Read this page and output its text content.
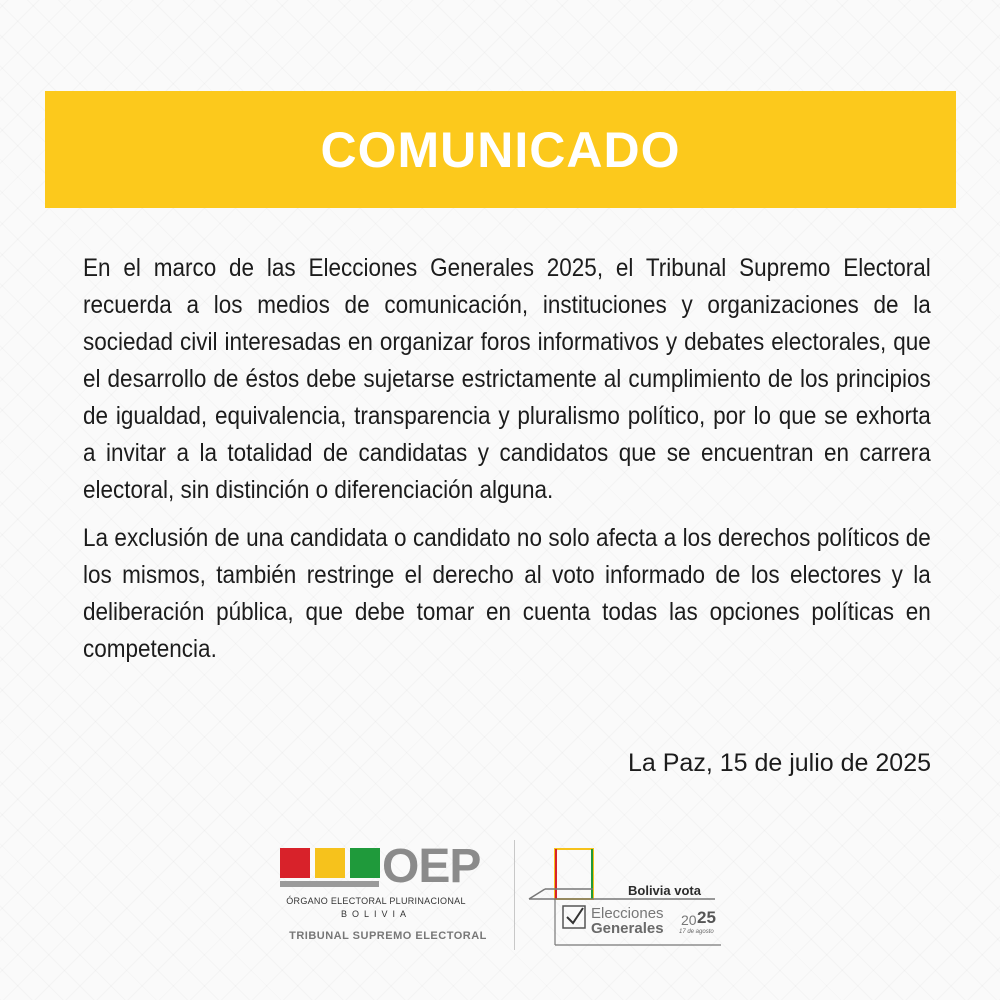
COMUNICADO

En el marco de las Elecciones Generales 2025, el Tribunal Supremo Electoral recuerda a los medios de comunicación, instituciones y organizaciones de la sociedad civil interesadas en organizar foros informativos y debates electorales, que el desarrollo de éstos debe sujetarse estrictamente al cumplimiento de los principios de igualdad, equivalencia, transparencia y pluralismo político, por lo que se exhorta a invitar a la totalidad de candidatas y candidatos que se encuentran en carrera electoral, sin distinción o diferenciación alguna.

La exclusión de una candidata o candidato no solo afecta a los derechos políticos de los mismos, también restringe el derecho al voto informado de los electores y la deliberación pública, que debe tomar en cuenta todas las opciones políticas en competencia.

La Paz, 15 de julio de 2025
OEP
ÓRGANO ELECTORAL PLURINACIONAL
BOLIVIA
TRIBUNAL SUPREMO ELECTORAL
Bolivia vota
Elecciones
Generales 20 25
17 de agosto
